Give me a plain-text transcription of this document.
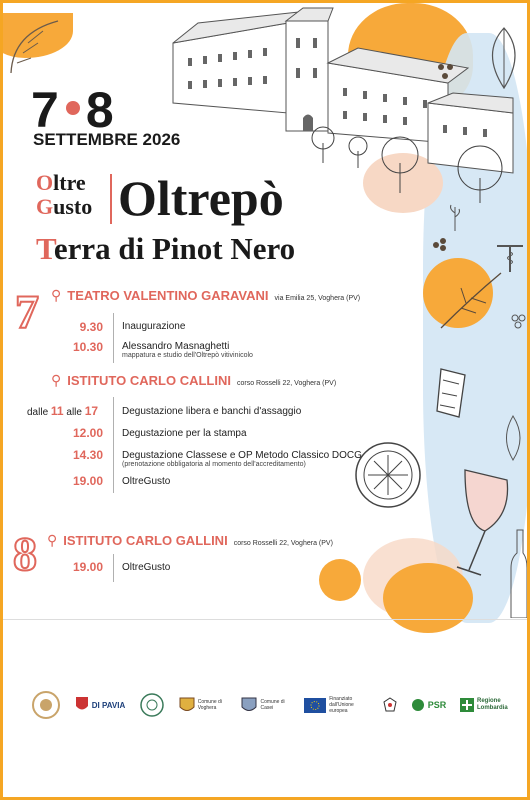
7 8
SETTEMBRE 2026
Oltre
Gusto Oltrepò
Terra di Pinot Nero
7 ⚲ TEATRO VALENTINO GARAVANI via Emilia 25, Voghera (PV)
9.30 Inaugurazione
10.30 Alessandro Masnaghetti
mappatura e studio dell'Oltrepò vitivinicolo
⚲ ISTITUTO CARLO CALLINI corso Rosselli 22, Voghera (PV)
dalle 11 alle 17 Degustazione libera e banchi d'assaggio
12.00 Degustazione per la stampa
14.30 Degustazione Classese e OP Metodo Classico DOCG
(prenotazione obbligatoria al momento dell'accreditamento)
19.00 OltreGusto
8 ⚲ ISTITUTO CARLO GALLINI corso Rosselli 22, Voghera (PV)
19.00 OltreGusto
DI PAVIA	Comune di Voghera
Comune di Casei
Finanziato dall'Unione europea
PSR	Regione Lombardia
